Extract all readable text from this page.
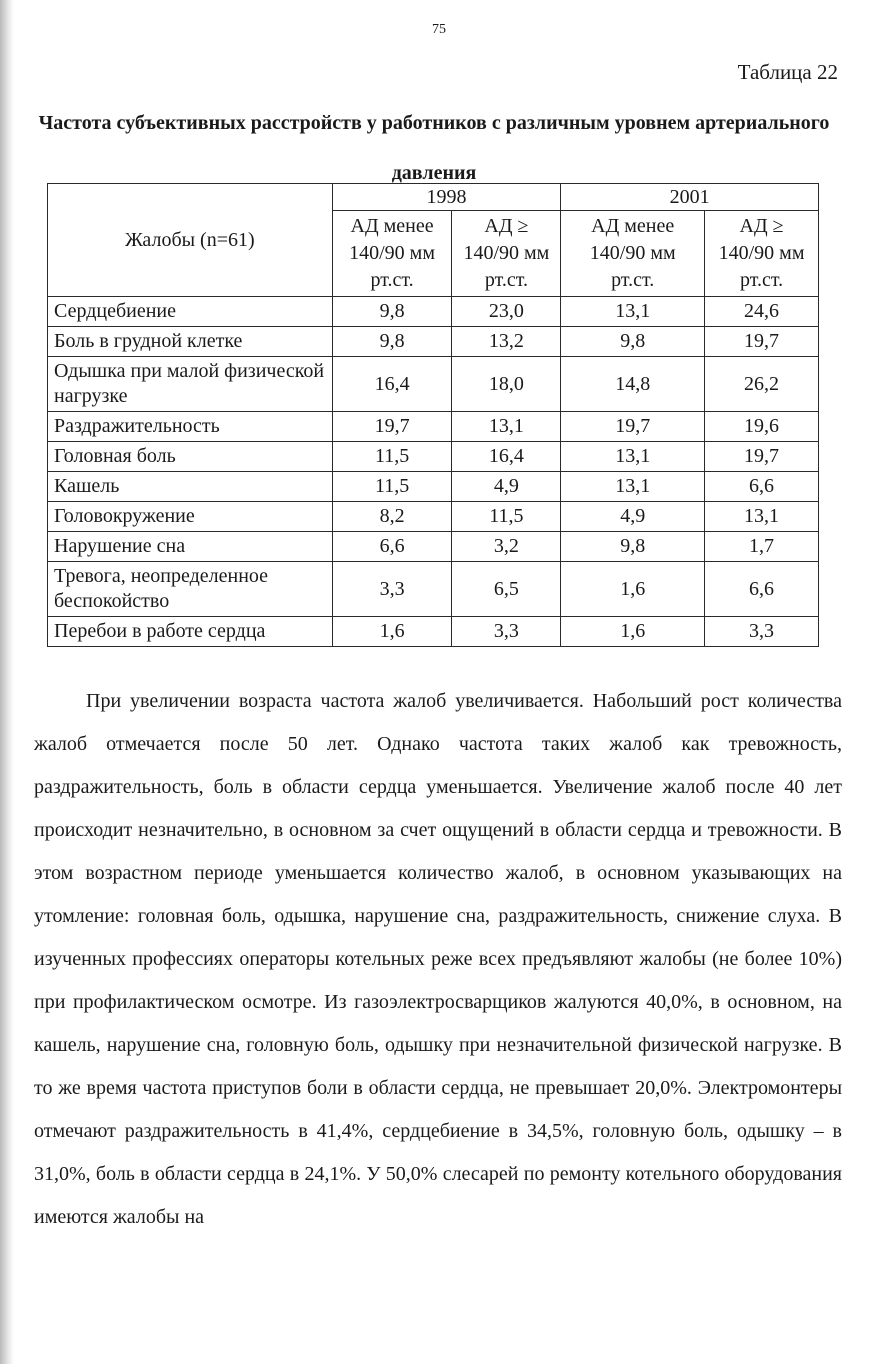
75
Таблица 22
Частота субъективных расстройств у работников с различным уровнем артериального давления
Жалобы (n=61)	1998		2001	
	АД менее 140/90 мм рт.ст.	АД ≥ 140/90 мм рт.ст.	АД менее 140/90 мм рт.ст.	АД ≥ 140/90 мм рт.ст.
Сердцебиение	9,8	23,0	13,1	24,6
Боль в грудной клетке	9,8	13,2	9,8	19,7
Одышка при малой физической нагрузке	16,4	18,0	14,8	26,2
Раздражительность	19,7	13,1	19,7	19,6
Головная боль	11,5	16,4	13,1	19,7
Кашель	11,5	4,9	13,1	6,6
Головокружение	8,2	11,5	4,9	13,1
Нарушение сна	6,6	3,2	9,8	1,7
Тревога, неопределенное беспокойство	3,3	6,5	1,6	6,6
Перебои в работе сердца	1,6	3,3	1,6	3,3

При увеличении возраста частота жалоб увеличивается. Набольший рост количества жалоб отмечается после 50 лет. Однако частота таких жалоб как тревожность, раздражительность, боль в области сердца уменьшается. Увеличение жалоб после 40 лет происходит незначительно, в основном за счет ощущений в области сердца и тревожности. В этом возрастном периоде уменьшается количество жалоб, в основном указывающих на утомление: головная боль, одышка, нарушение сна, раздражительность, снижение слуха. В изученных профессиях операторы котельных реже всех предъявляют жалобы (не более 10%) при профилактическом осмотре. Из газоэлектросварщиков жалуются 40,0%, в основном, на кашель, нарушение сна, головную боль, одышку при незначительной физической нагрузке. В то же время частота приступов боли в области сердца, не превышает 20,0%. Электромонтеры отмечают раздражительность в 41,4%, сердцебиение в 34,5%, головную боль, одышку – в 31,0%, боль в области сердца в 24,1%. У 50,0% слесарей по ремонту котельного оборудования имеются жалобы на
